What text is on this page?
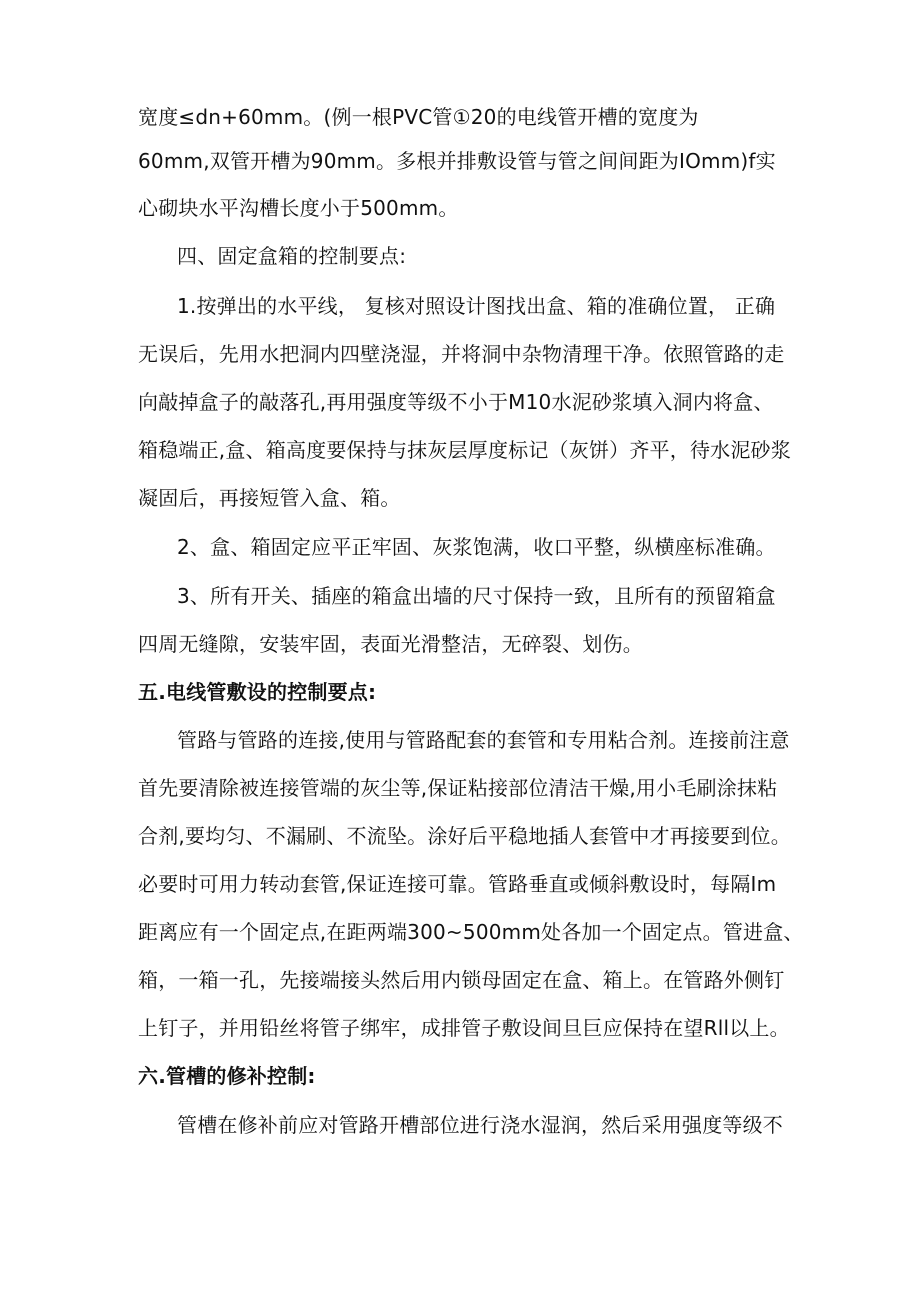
宽度≤dn+60mm。(例一根PVC管①20的电线管开槽的宽度为
60mm,双管开槽为90mm。多根并排敷设管与管之间间距为IOmm)f实
心砌块水平沟槽长度小于500mm。
四、固定盒箱的控制要点:
1.按弹出的水平线， 复核对照设计图找出盒、箱的准确位置， 正确
无误后，先用水把洞内四壁浇湿，并将洞中杂物清理干净。依照管路的走
向敲掉盒子的敲落孔,再用强度等级不小于M10水泥砂浆填入洞内将盒、
箱稳端正,盒、箱高度要保持与抹灰层厚度标记（灰饼）齐平，待水泥砂浆
凝固后，再接短管入盒、箱。
2、盒、箱固定应平正牢固、灰浆饱满，收口平整，纵横座标准确。
3、所有开关、插座的箱盒出墙的尺寸保持一致，且所有的预留箱盒
四周无缝隙，安装牢固，表面光滑整洁，无碎裂、划伤。
五.电线管敷设的控制要点:
管路与管路的连接,使用与管路配套的套管和专用粘合剂。连接前注意
首先要清除被连接管端的灰尘等,保证粘接部位清洁干燥,用小毛刷涂抹粘
合剂,要均匀、不漏刷、不流坠。涂好后平稳地插人套管中才再接要到位。
必要时可用力转动套管,保证连接可靠。管路垂直或倾斜敷设时，每隔Im
距离应有一个固定点,在距两端300~500mm处各加一个固定点。管进盒、
箱，一箱一孔，先接端接头然后用内锁母固定在盒、箱上。在管路外侧钉
上钉子，并用铅丝将管子绑牢，成排管子敷设间旦巨应保持在望Rll以上。
六.管槽的修补控制:
管槽在修补前应对管路开槽部位进行浇水湿润，然后采用强度等级不
